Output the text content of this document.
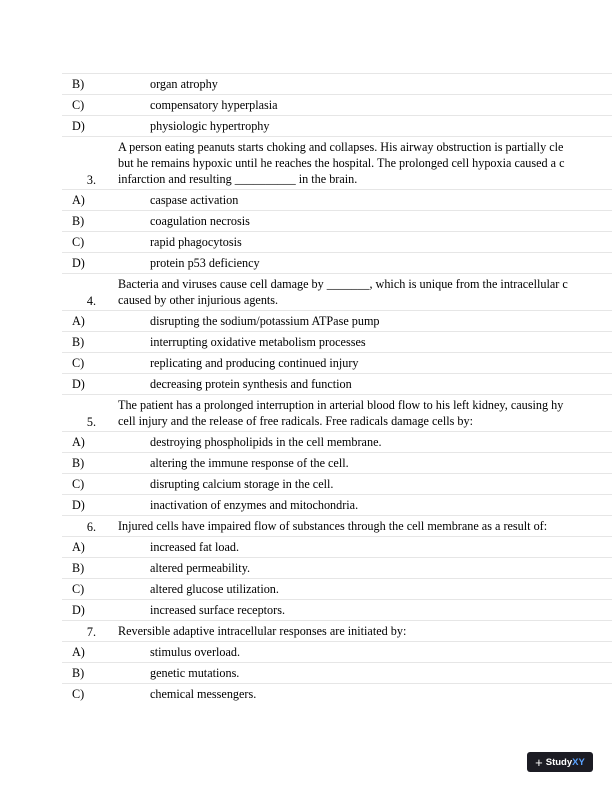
B)	organ atrophy
C)	compensatory hyperplasia
D)	physiologic hypertrophy
3.
A person eating peanuts starts choking and collapses. His airway obstruction is partially cle
but he remains hypoxic until he reaches the hospital. The prolonged cell hypoxia caused a c
infarction and resulting __________ in the brain.
A)	caspase activation
B)	coagulation necrosis
C)	rapid phagocytosis
D)	protein p53 deficiency
4.
Bacteria and viruses cause cell damage by _______, which is unique from the intracellular c
caused by other injurious agents.
A)	disrupting the sodium/potassium ATPase pump
B)	interrupting oxidative metabolism processes
C)	replicating and producing continued injury
D)	decreasing protein synthesis and function
5.
The patient has a prolonged interruption in arterial blood flow to his left kidney, causing hy
cell injury and the release of free radicals. Free radicals damage cells by:
A)	destroying phospholipids in the cell membrane.
B)	altering the immune response of the cell.
C)	disrupting calcium storage in the cell.
D)	inactivation of enzymes and mitochondria.
6. Injured cells have impaired flow of substances through the cell membrane as a result of:
A)	increased fat load.
B)	altered permeability.
C)	altered glucose utilization.
D)	increased surface receptors.
7. Reversible adaptive intracellular responses are initiated by:
A)	stimulus overload.
B)	genetic mutations.
C)	chemical messengers.
+ Study XY
